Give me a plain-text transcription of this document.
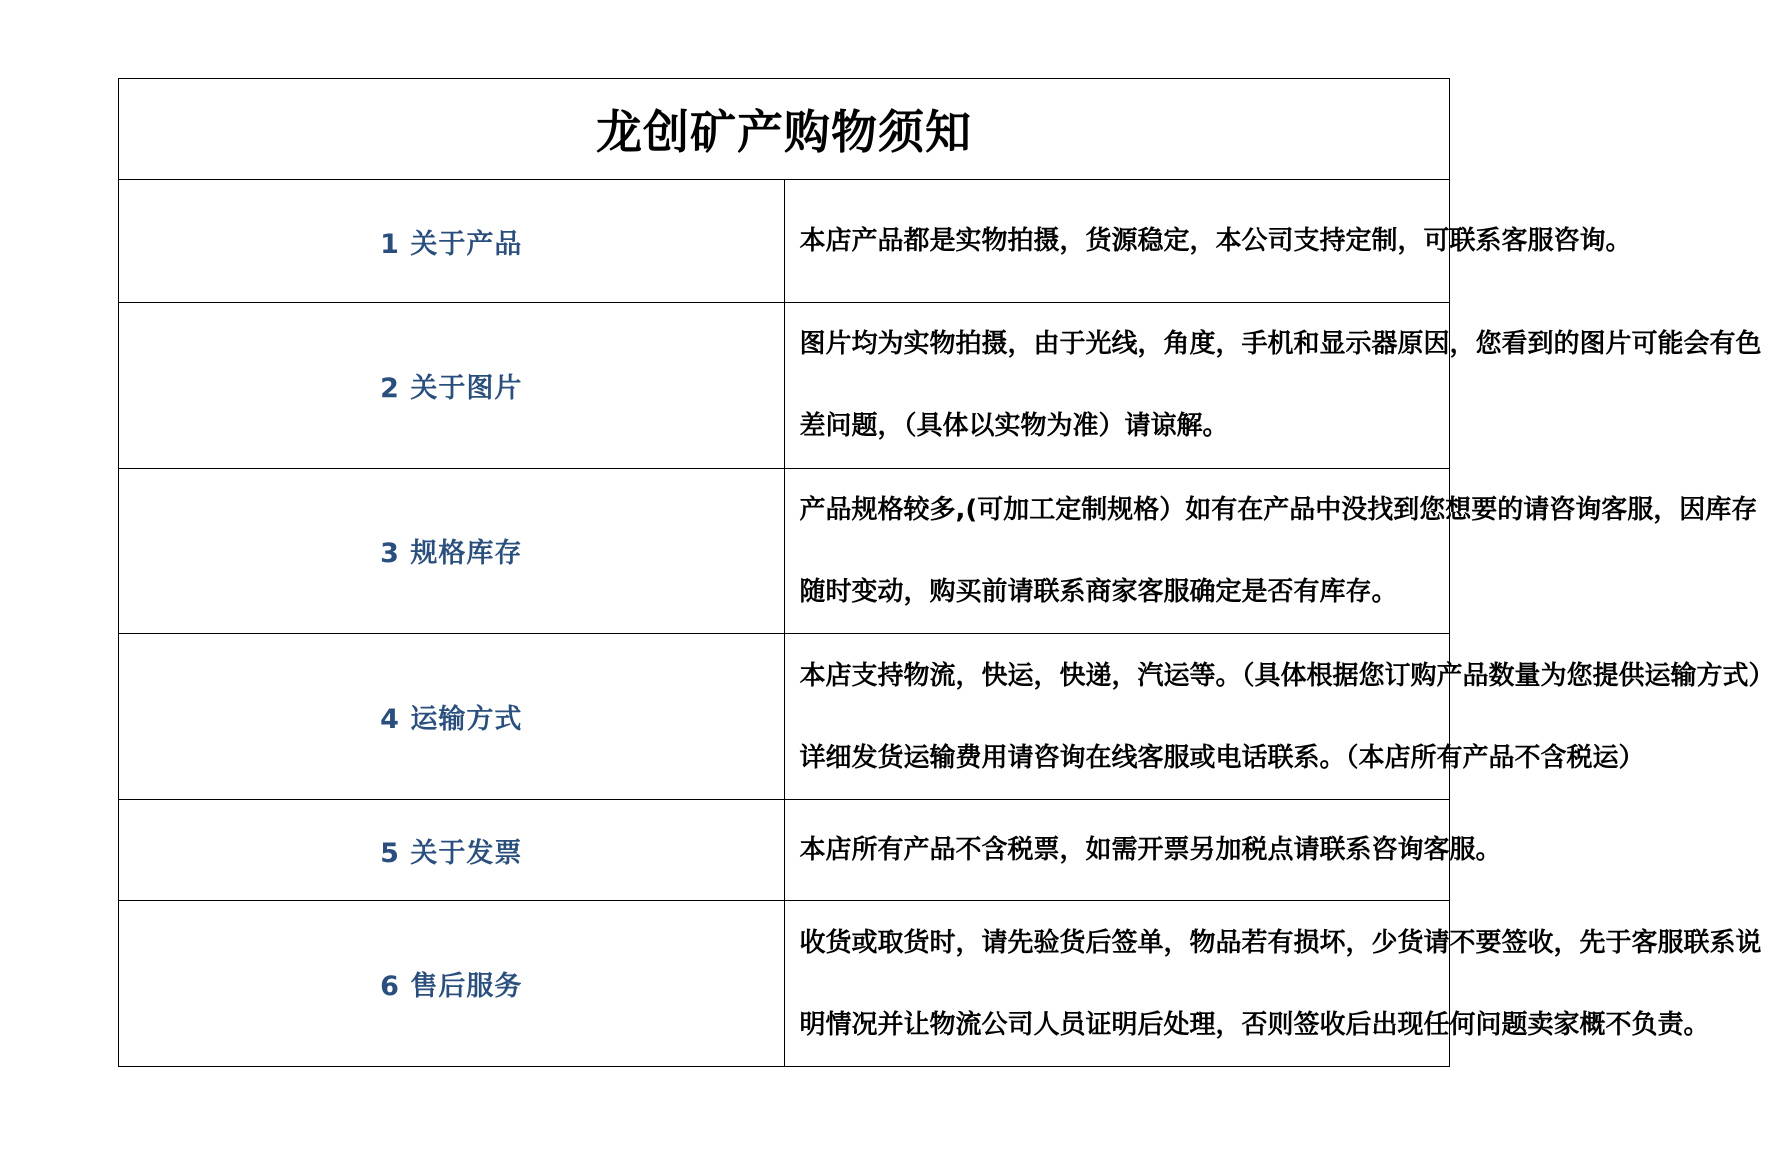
龙创矿产购物须知	
1 关于产品	本店产品都是实物拍摄，货源稳定，本公司支持定制，可联系客服咨询。

2 关于图片	图片均为实物拍摄，由于光线，角度，手机和显示器原因，您看到的图片可能会有色
差问题，（具体以实物为准）请谅解。

3 规格库存	产品规格较多,(可加工定制规格）如有在产品中没找到您想要的请咨询客服，因库存
随时变动，购买前请联系商家客服确定是否有库存。

4 运输方式	本店支持物流，快运，快递，汽运等。（具体根据您订购产品数量为您提供运输方式）
详细发货运输费用请咨询在线客服或电话联系。（本店所有产品不含税运）

5 关于发票	本店所有产品不含税票，如需开票另加税点请联系咨询客服。

6 售后服务	收货或取货时，请先验货后签单，物品若有损坏，少货请不要签收，先于客服联系说
明情况并让物流公司人员证明后处理，否则签收后出现任何问题卖家概不负责。
